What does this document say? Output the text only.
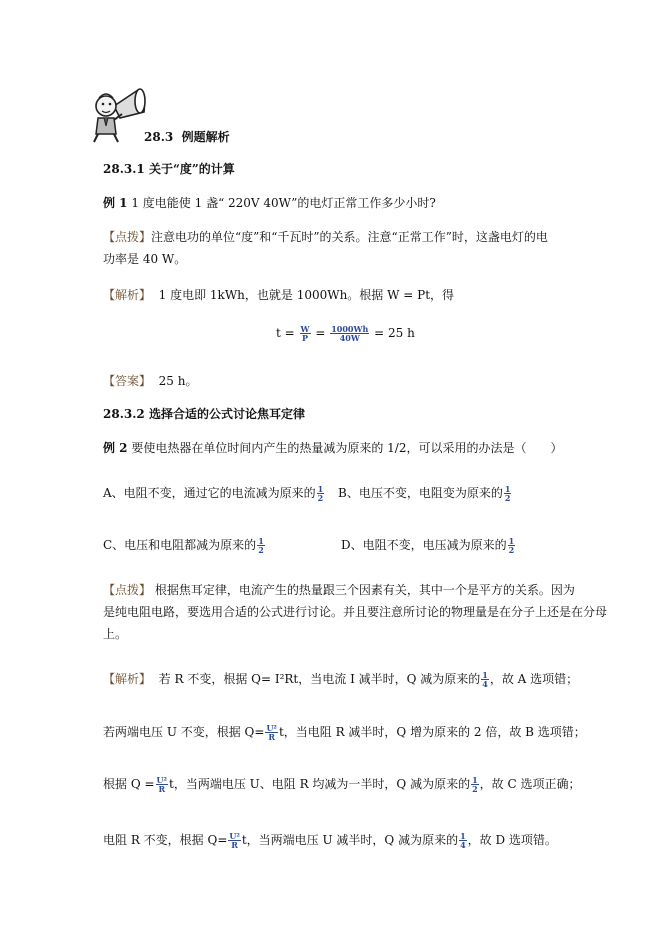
28.3 例题解析
28.3.1 关于“度”的计算
例 1 1 度电能使 1 盏“ 220V 40W”的电灯正常工作多少小时?
【点拨】注意电功的单位“度”和“千瓦时”的关系。注意“正常工作”时，这盏电灯的电
功率是 40 W。
【解析】 1 度电即 1kWh，也就是 1000Wh。根据 W = Pt，得
$t = \frac{W}{P} = \frac{1000Wh}{40W} = 25$ h
【答案】 25 h。
28.3.2 选择合适的公式讨论焦耳定律
例 2 要使电热器在单位时间内产生的热量减为原来的 1/2，可以采用的办法是（　　）
A、电阻不变，通过它的电流减为原来的 $\frac{1}{2}$ B、电压不变，电阻变为原来的 $\frac{1}{2}$
C、电压和电阻都减为原来的 $\frac{1}{2}$	D、电阻不变，电压减为原来的 $\frac{1}{2}$
【点拨】 根据焦耳定律，电流产生的热量跟三个因素有关，其中一个是平方的关系。因为
是纯电阻电路，要选用合适的公式进行讨论。并且要注意所讨论的物理量是在分子上还是在分母
上。
【解析】 若 R 不变，根据 Q= I²Rt，当电流 I 减半时，Q 减为原来的 $\frac{1}{4}$ ，故 A 选项错；
若两端电压 U 不变，根据 $Q= \frac{\text{U²}}{R}$ t，当电阻 R 减半时，Q 增为原来的 2 倍，故 B 选项错；
根据 $Q = \frac{\text{U²}}{R}$ t，当两端电压 U、电阻 R 均减为一半时，Q 减为原来的 $\frac{1}{2}$ ，故 C 选项正确；
电阻 R 不变，根据 $Q= \frac{\text{U²}}{R}$ t，当两端电压 U 减半时，Q 减为原来的 $\frac{1}{4}$ ，故 D 选项错。
